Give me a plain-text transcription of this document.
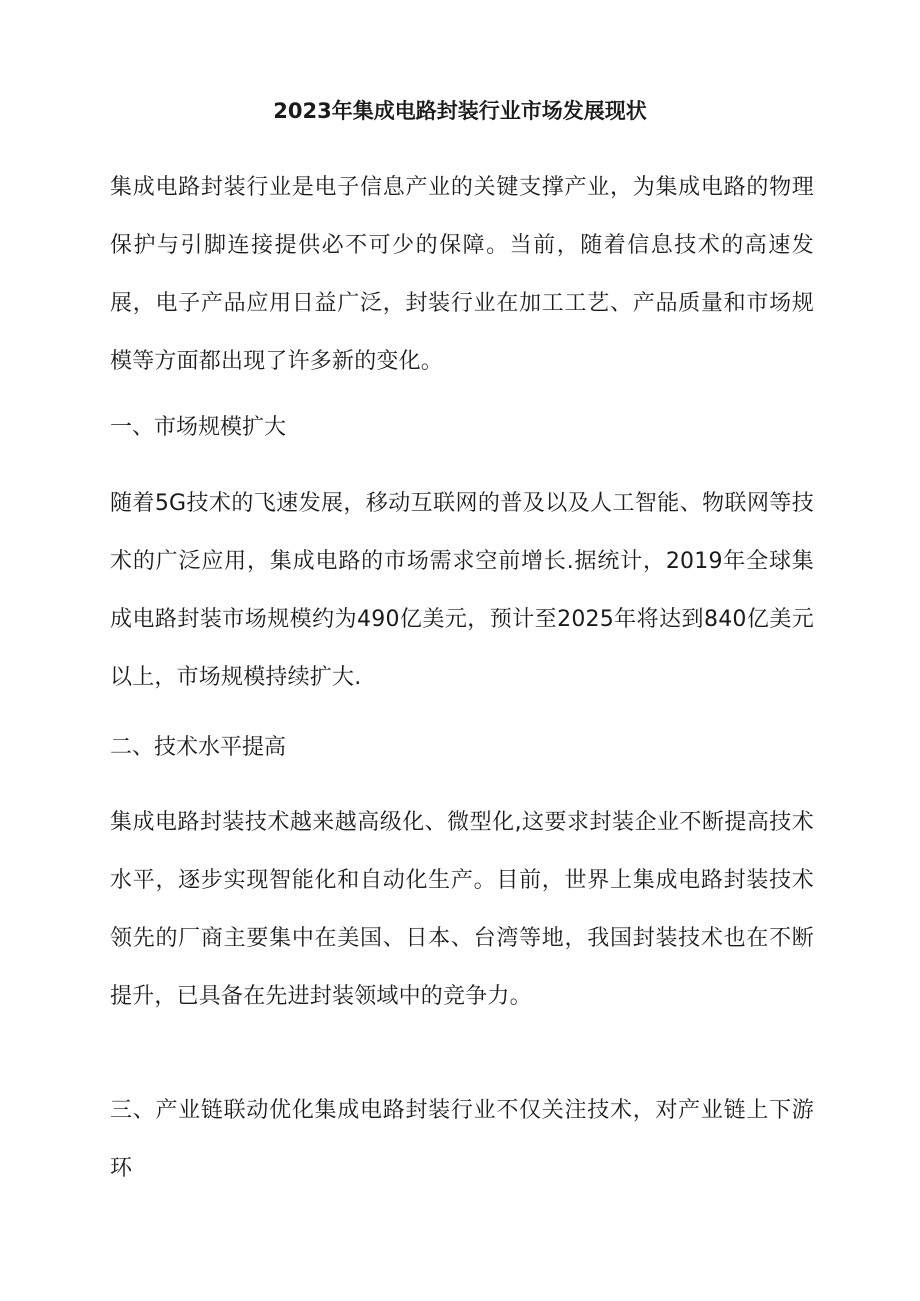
2023年集成电路封装行业市场发展现状

集成电路封装行业是电子信息产业的关键支撑产业，为集成电路的物理保护与引脚连接提供必不可少的保障。当前，随着信息技术的高速发展，电子产品应用日益广泛，封装行业在加工工艺、产品质量和市场规模等方面都出现了许多新的变化。

一、市场规模扩大

随着5G技术的飞速发展，移动互联网的普及以及人工智能、物联网等技术的广泛应用，集成电路的市场需求空前增长.据统计，2019年全球集成电路封装市场规模约为490亿美元，预计至2025年将达到840亿美元以上，市场规模持续扩大.

二、技术水平提高

集成电路封装技术越来越高级化、微型化,这要求封装企业不断提高技术水平，逐步实现智能化和自动化生产。目前，世界上集成电路封装技术领先的厂商主要集中在美国、日本、台湾等地，我国封装技术也在不断提升，已具备在先进封装领域中的竞争力。

三、产业链联动优化集成电路封装行业不仅关注技术，对产业链上下游环
